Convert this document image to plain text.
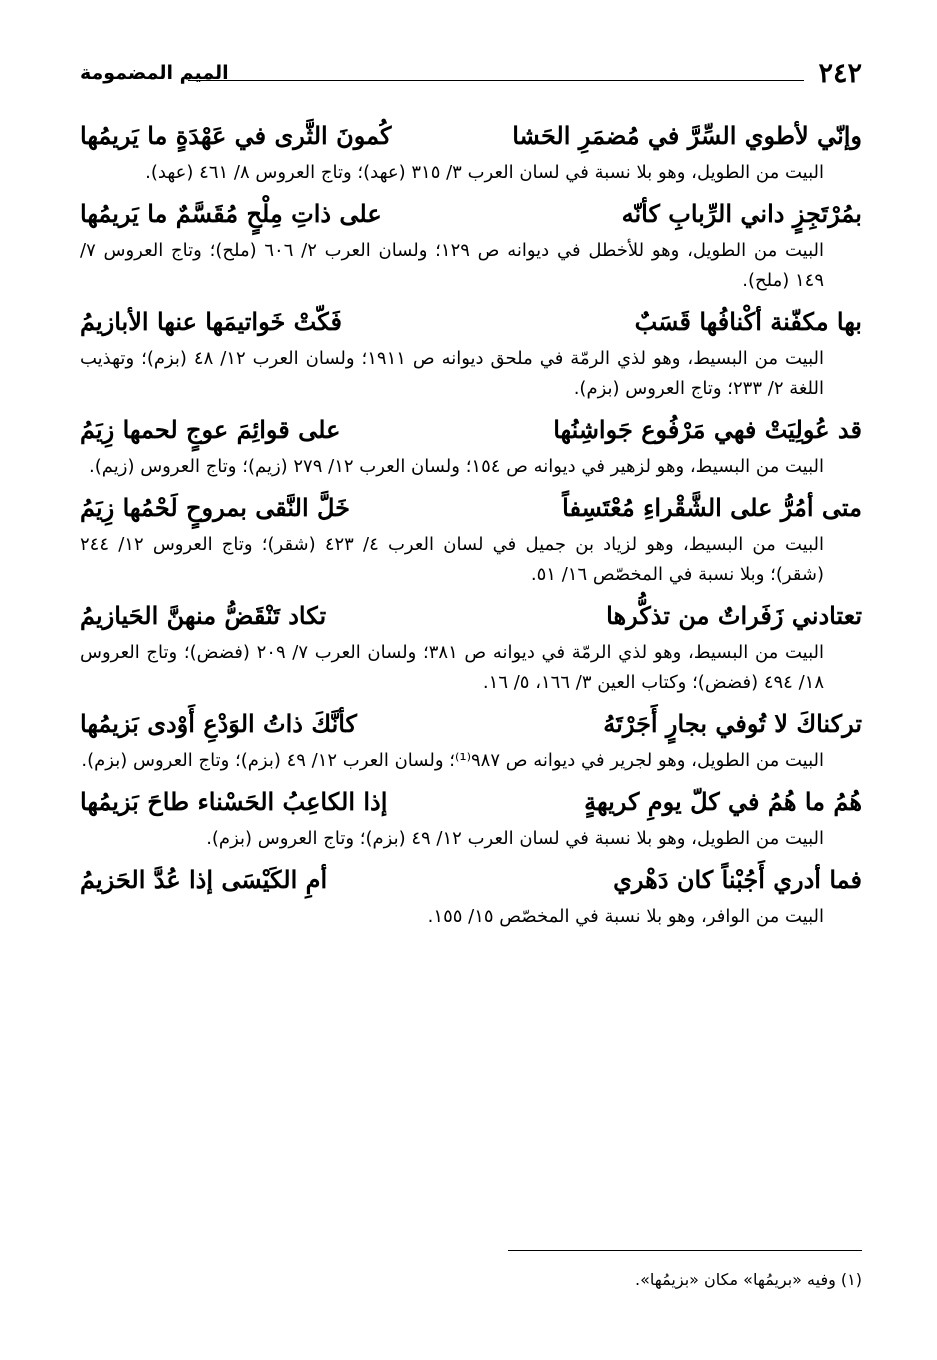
٢٤٢
الميم المضمومة
وإنّي لأطوي السِّرَّ في مُضمَرِ الحَشا
كُمونَ الثَّرى في عَهْدَةٍ ما يَريمُها
البيت من الطويل، وهو بلا نسبة في لسان العرب ٣/ ٣١٥ (عهد)؛ وتاج العروس ٨/ ٤٦١ (عهد).
بمُرْتَجِزٍ داني الرِّبابِ كأنّه
على ذاتِ مِلْحٍ مُقَسَّمٌ ما يَريمُها
البيت من الطويل، وهو للأخطل في ديوانه ص ١٢٩؛ ولسان العرب ٢/ ٦٠٦ (ملح)؛ وتاج العروس ٧/ ١٤٩ (ملح).
بها مكفّنة أكْنافُها قَسَبٌ
فَكّتْ خَواتيمَها عنها الأبازيمُ
البيت من البسيط، وهو لذي الرمّة في ملحق ديوانه ص ١٩١١؛ ولسان العرب ١٢/ ٤٨ (بزم)؛ وتهذيب اللغة ٢/ ٢٣٣؛ وتاج العروس (بزم).
قد عُولِيَتْ فهي مَرْفُوع جَواشِنُها
على قوائِمَ عوجٍ لحمها زِيَمُ
البيت من البسيط، وهو لزهير في ديوانه ص ١٥٤؛ ولسان العرب ١٢/ ٢٧٩ (زيم)؛ وتاج العروس (زيم).
متى أمُرُّ على الشَّقْراءِ مُعْتَسِفاً
خَلَّ النَّقى بمروحٍ لَحْمُها زِيَمُ
البيت من البسيط، وهو لزياد بن جميل في لسان العرب ٤/ ٤٢٣ (شقر)؛ وتاج العروس ١٢/ ٢٤٤ (شقر)؛ وبلا نسبة في المخصّص ١٦/ ٥١.
تعتادني زَفَراتٌ من تذكُّرها
تكاد تَنْقَضُّ منهنَّ الحَيازيمُ
البيت من البسيط، وهو لذي الرمّة في ديوانه ص ٣٨١؛ ولسان العرب ٧/ ٢٠٩ (فضض)؛ وتاج العروس ١٨/ ٤٩٤ (فضض)؛ وكتاب العين ٣/ ١٦٦، ٥/ ١٦.
تركناكَ لا تُوفي بجارٍ أَجَرْتَهُ
كأنَّكَ ذاتُ الوَدْعِ أَوْدى بَزيمُها
البيت من الطويل، وهو لجرير في ديوانه ص ٩٨٧⁽¹⁾؛ ولسان العرب ١٢/ ٤٩ (بزم)؛ وتاج العروس (بزم).
هُمُ ما هُمُ في كلّ يومِ كريهةٍ
إذا الكاعِبُ الحَسْناء طاحَ بَزيمُها
البيت من الطويل، وهو بلا نسبة في لسان العرب ١٢/ ٤٩ (بزم)؛ وتاج العروس (بزم).
فما أدري أَجُبْناً كان دَهْري
أمِ الكَيْسَى إذا عُدَّ الحَزيمُ
البيت من الوافر، وهو بلا نسبة في المخصّص ١٥/ ١٥٥.
(١) وفيه «بريمُها» مكان «بزيمُها».
